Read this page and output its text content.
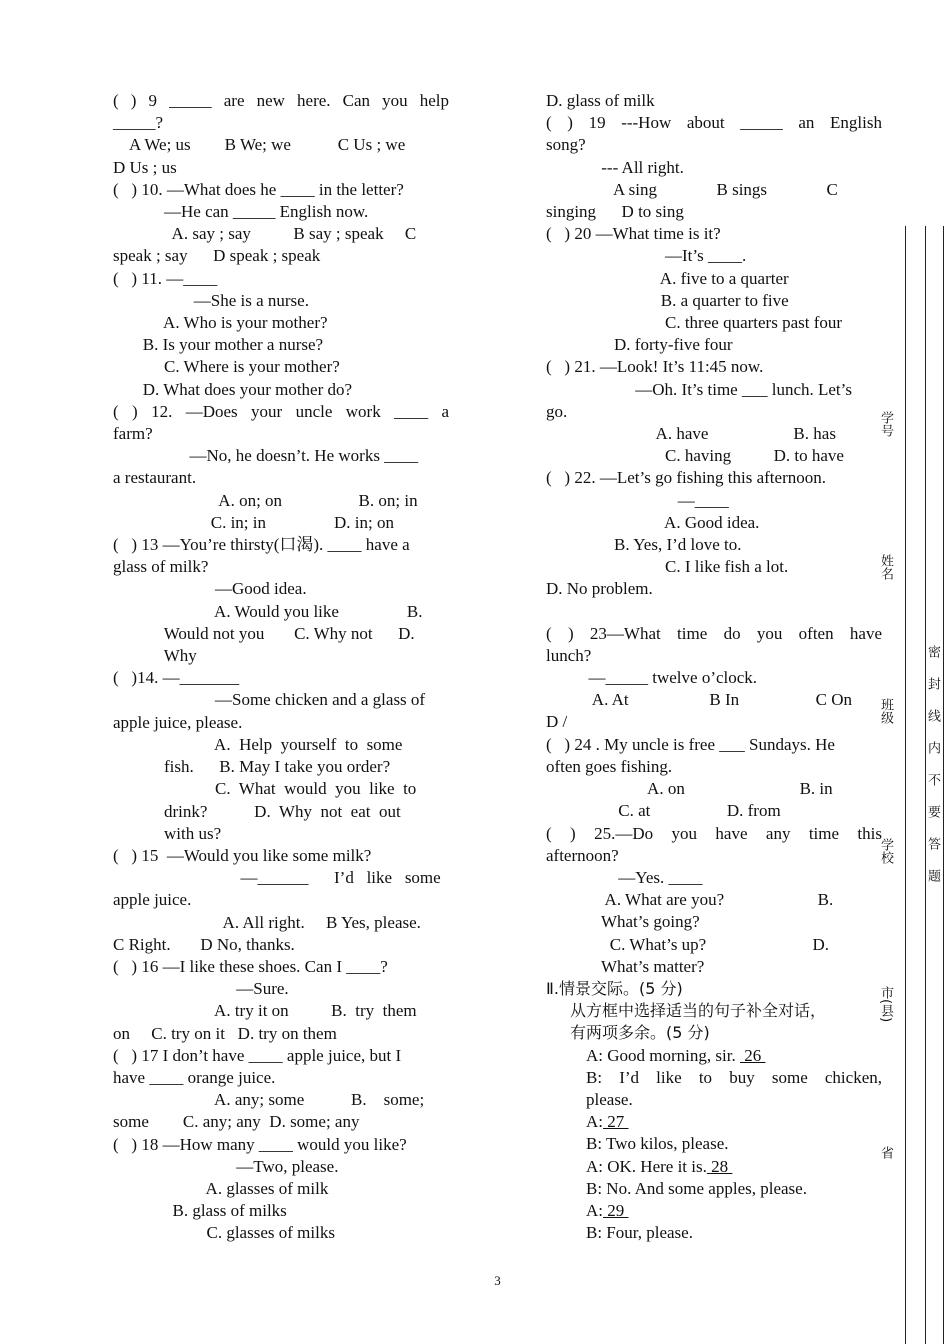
( ) 9 _____ are new here. Can you help
_____?
A We; us        B We; we           C Us ; we
D Us ; us
(   ) 10. —What does he ____ in the letter?
—He can _____ English now.
A. say ; say          B say ; speak     C
speak ; say      D speak ; speak
(   ) 11. —____
—She is a nurse.
A. Who is your mother?
B. Is your mother a nurse?
C. Where is your mother?
D. What does your mother do?
( ) 12. —Does your uncle work ____ a
farm?
—No, he doesn’t. He works ____
a restaurant.
A. on; on                  B. on; in
C. in; in                D. in; on
(   ) 13 —You’re thirsty(口渴). ____ have a
glass of milk?
—Good idea.
A. Would you like                B.
Would not you       C. Why not      D.
Why
(   )14. —_______
—Some chicken and a glass of
apple juice, please.
A.  Help  yourself  to  some
fish.      B. May I take you order?
C.  What  would  you  like  to
drink?           D.  Why  not  eat  out
with us?
(   ) 15  —Would you like some milk?
—______      I’d   like   some
apple juice.
A. All right.     B Yes, please.
C Right.       D No, thanks.
(   ) 16 —I like these shoes. Can I ____?
—Sure.
A. try it on          B.  try  them
on     C. try on it   D. try on them
(   ) 17 I don’t have ____ apple juice, but I
have ____ orange juice.
A. any; some           B.    some;
some        C. any; any  D. some; any
(   ) 18 —How many ____ would you like?
—Two, please.
A. glasses of milk
B. glass of milks
C. glasses of milks
D. glass of milk
( ) 19 ---How about _____ an English
song?
--- All right.
A sing              B sings              C
singing      D to sing
(   ) 20 —What time is it?
—It’s ____.
A. five to a quarter
B. a quarter to five
C. three quarters past four
D. forty-five four
(   ) 21. —Look! It’s 11:45 now.
—Oh. It’s time ___ lunch. Let’s
go.
A. have                    B. has
C. having          D. to have
(   ) 22. —Let’s go fishing this afternoon.
—____
A. Good idea.
B. Yes, I’d love to.
C. I like fish a lot.
D. No problem.
( ) 23—What time do you often have
lunch?
—_____ twelve o’clock.
A. At                   B In                  C On
D /
(   ) 24 . My uncle is free ___ Sundays. He
often goes fishing.
A. on                           B. in
C. at                  D. from
( ) 25.—Do you have any time this
afternoon?
—Yes. ____
A. What are you?                      B.
What’s going?
C. What’s up?                         D.
What’s matter?
Ⅱ.情景交际。(5 分)
从方框中选择适当的句子补全对话，
有两项多余。(5 分)
A: Good morning, sir.  26
B: I’d like to buy some chicken,
please.
A: 27
B: Two kilos, please.
A: OK. Here it is. 28
B: No. And some apples, please.
A: 29
B: Four, please.
学号
姓名
班级
学校
市(县)
省
密封线内不要答题
3
